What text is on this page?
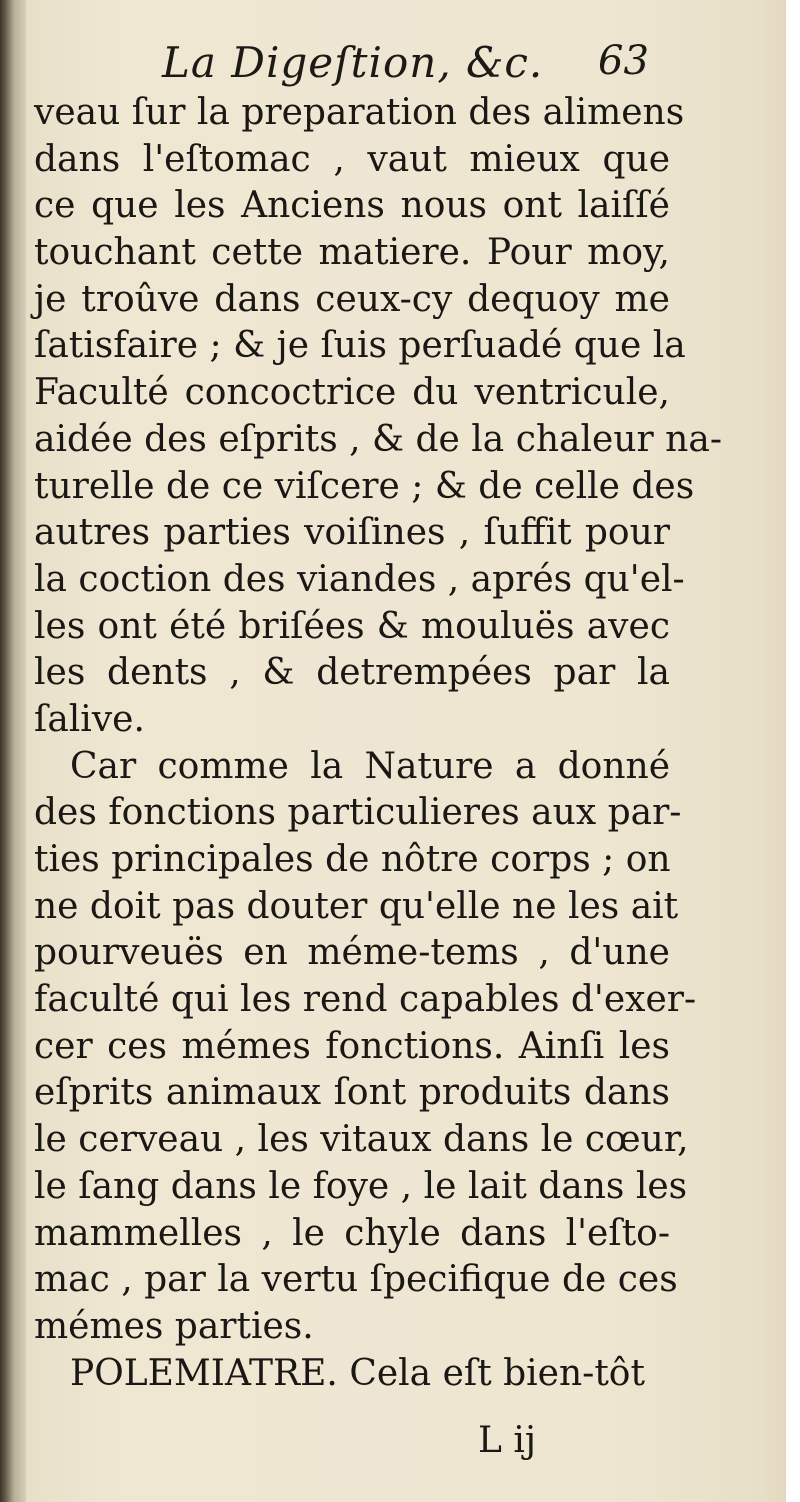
La Digeſtion, &c. 63
veau ſur la preparation des alimens
dans l'eſtomac , vaut mieux que
ce que les Anciens nous ont laiſſé
touchant cette matiere. Pour moy,
je troûve dans ceux-cy dequoy me
ſatisfaire ; & je ſuis perſuadé que la
Faculté concoctrice du ventricule,
aidée des eſprits , & de la chaleur na-
turelle de ce viſcere ; & de celle des
autres parties voiſines , ſuffit pour
la coction des viandes , aprés qu'el-
les ont été briſées & mouluës avec
les dents , & detrempées par la
ſalive.
Car comme la Nature a donné
des fonctions particulieres aux par-
ties principales de nôtre corps ; on
ne doit pas douter qu'elle ne les ait
pourveuës en méme-tems , d'une
faculté qui les rend capables d'exer-
cer ces mémes fonctions. Ainſi les
eſprits animaux ſont produits dans
le cerveau , les vitaux dans le cœur,
le ſang dans le foye , le lait dans les
mammelles , le chyle dans l'eſto-
mac , par la vertu ſpecifique de ces
mémes parties.
POLEMIATRE. Cela eſt bien-tôt
L ij
